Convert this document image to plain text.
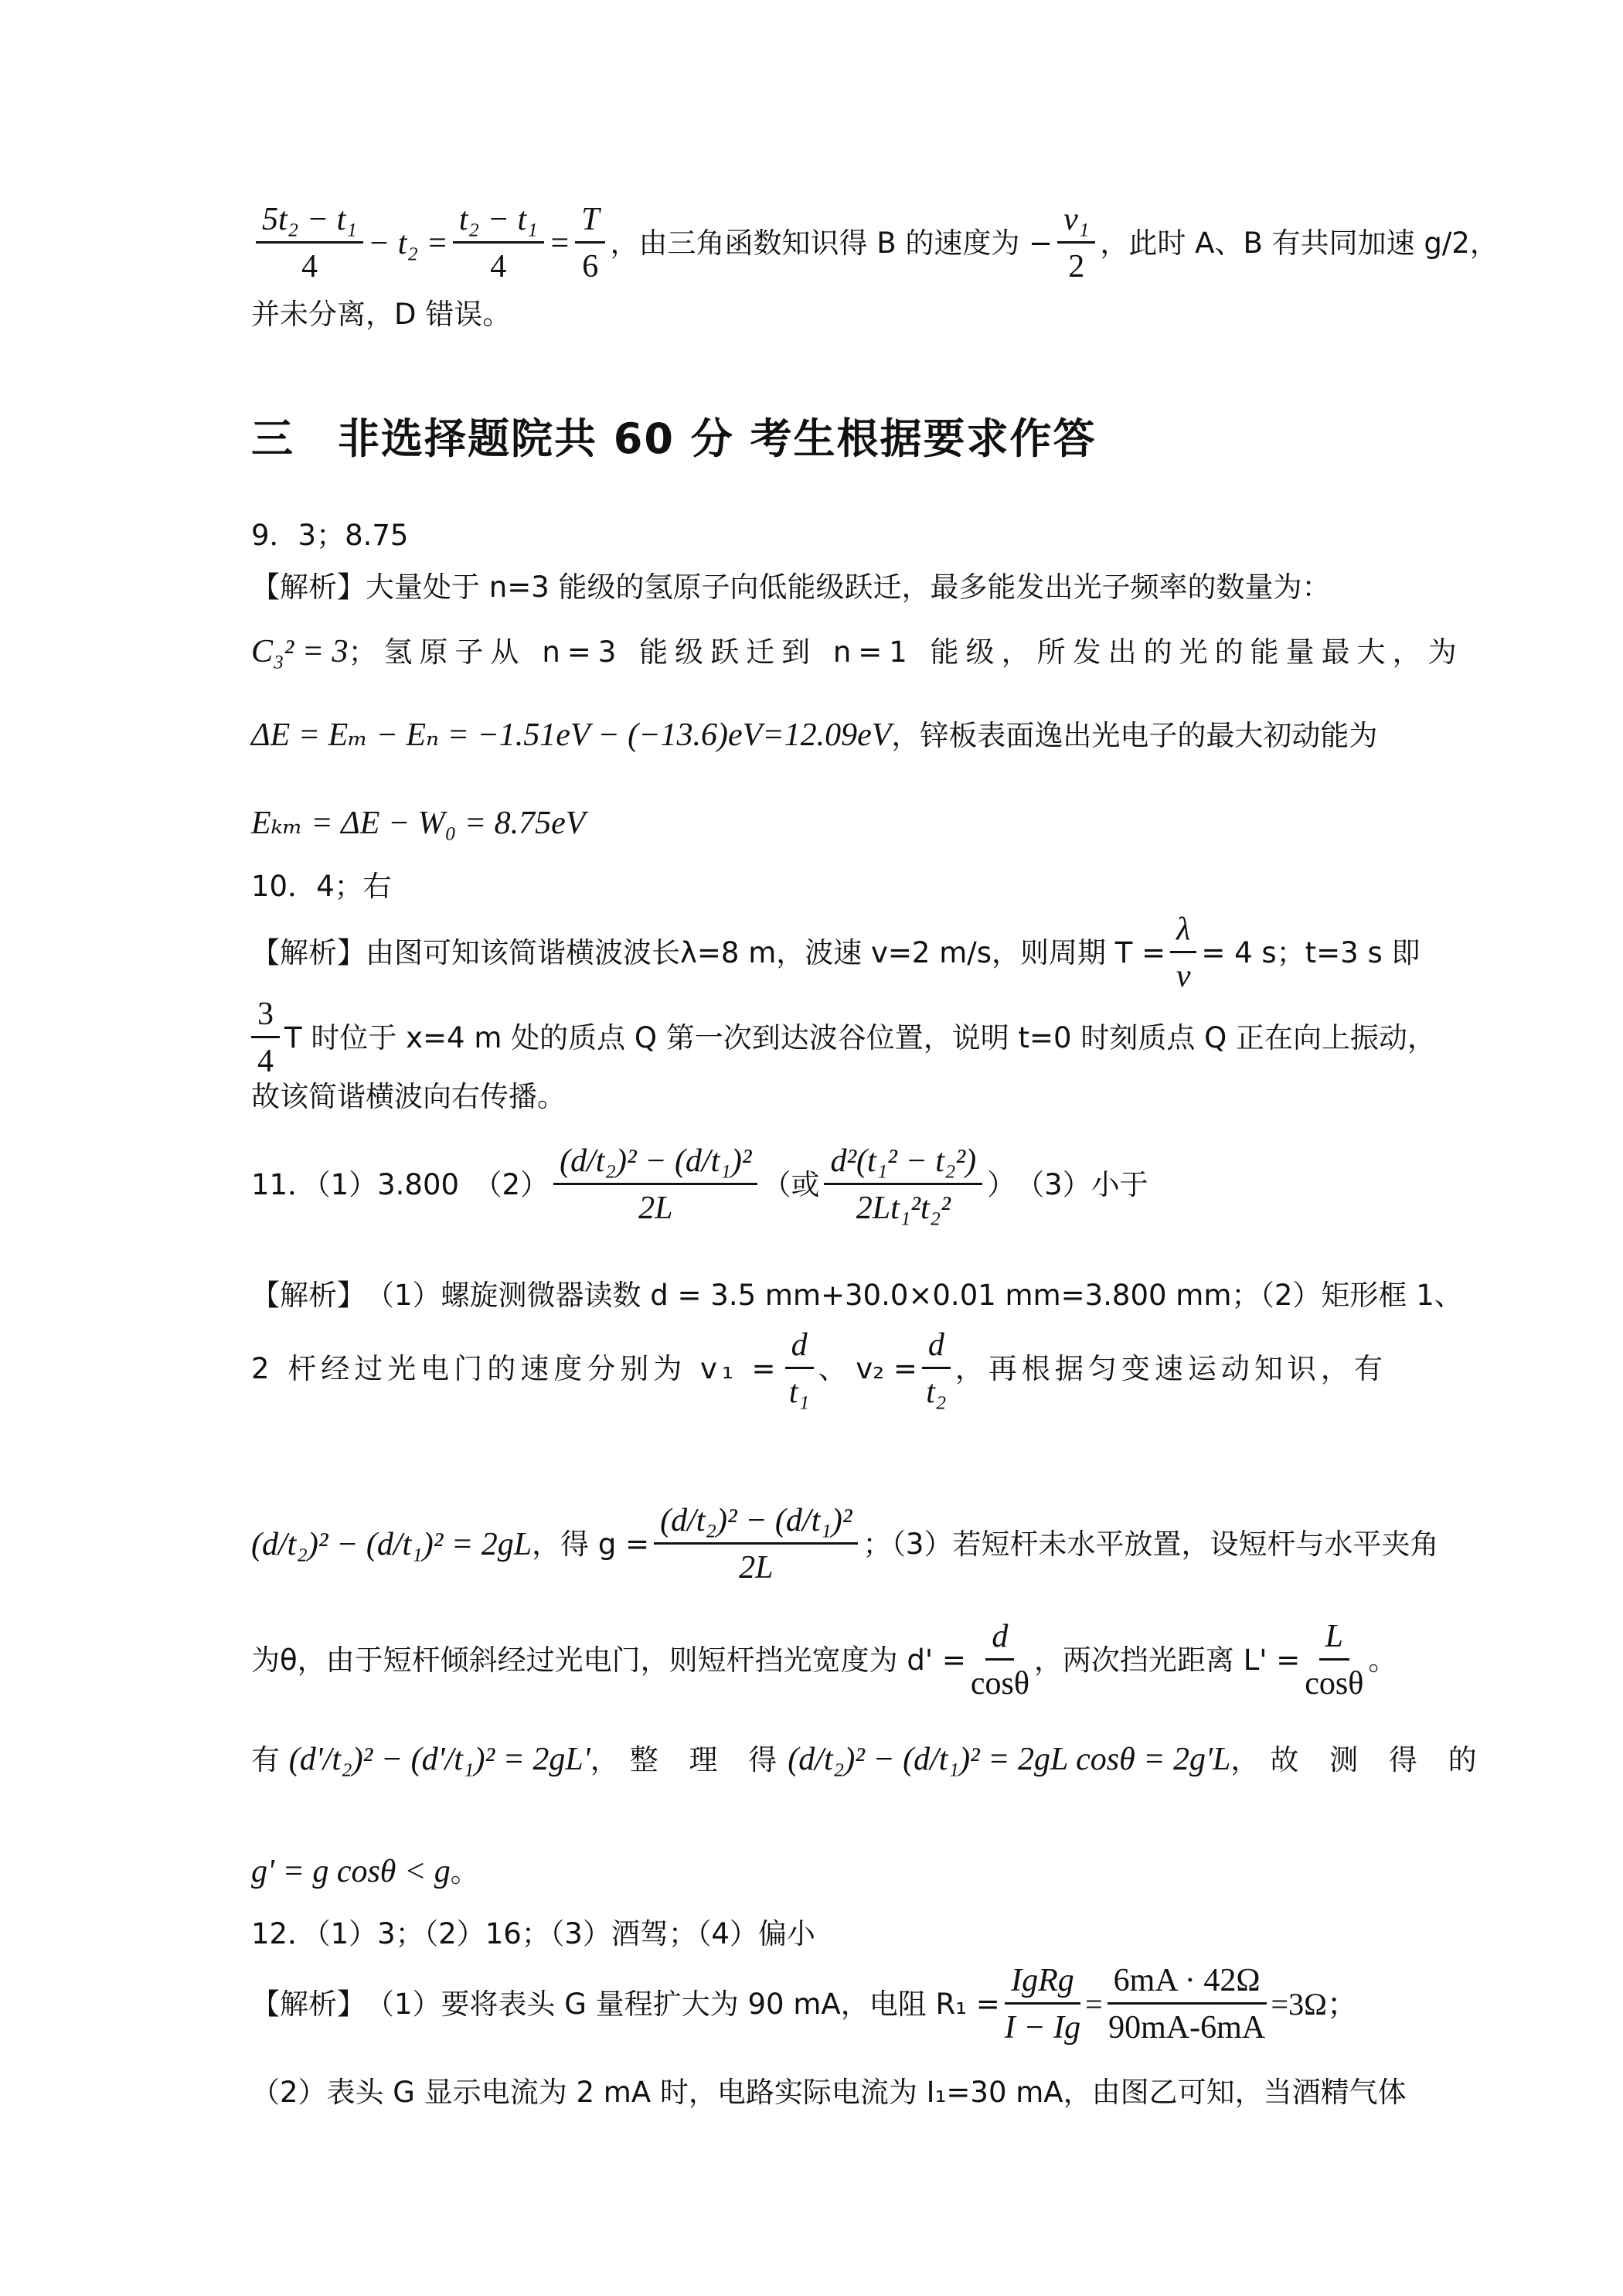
$\frac{\text{5t₂ − t₁}}{4} - t_2 = \frac{\text{t₂ − t₁}}{4} = \frac{T}{6}$ ，由三角函数知识得 B 的速度为 − $\frac{\text{v₁}}{2}$ ，此时 A、B 有共同加速 g/2，
并未分离，D 错误。
三　非选择题院共 60 分 考生根据要求作答
9．3；8.75
【解析】 大量处于 n=3 能级的氢原子向低能级跃迁，最多能发出光子频率的数量为：
C₃² = 3 ；氢原子从 n=3 能级跃迁到 n=1 能级，所发出的光的能量最大，为
ΔE = Eₘ − Eₙ = −1.51eV − (−13.6)eV=12.09eV ，锌板表面逸出光电子的最大初动能为
Eₖₘ = ΔE − W₀ = 8.75eV
10．4；右
【解析】 由图可知该简谐横波波长λ=8 m，波速 v=2 m/s，则周期 $T = \frac{\lambda}{v} = 4$ s；t=3 s 即
$\frac{3}{4}$ T 时位于 x=4 m 处的质点 Q 第一次到达波谷位置，说明 t=0 时刻质点 Q 正在向上振动，
故该简谐横波向右传播。
11．（1）3.800　$(2) \frac{\text{(d/t₂)² − (d/t₁)²}}{2L}$ （或 $\frac{\text{d²(t₁² − t₂²)}}{\text{2Lt₁²t₂²}}$ ）　（3）小于
【解析】 （1）螺旋测微器读数 d = 3.5 mm+30.0×0.01 mm=3.800 mm；（2）矩形框 1、
2 杆经过光电门的速度分别为 $v_1 = \frac{d}{\text{t₁}}$ 、 $v_2 = \frac{d}{\text{t₂}}$ ，再根据匀变速运动知识，有
(d/t₂)² − (d/t₁)² = 2gL ，得 $g = \frac{\text{(d/t₂)² − (d/t₁)²}}{2L}$ ；（3）若短杆未水平放置，设短杆与水平夹角
为θ，由于短杆倾斜经过光电门，则短杆挡光宽度为 $d' = \frac{d}{\cos\theta}$ ，两次挡光距离 $L' = \frac{L}{\cos\theta}$ 。
有
(d'/t₂)² − (d'/t₁)² = 2gL' ，整 理 得 (d/t₂)² − (d/t₁)² = 2gL cosθ = 2g'L ，故 测 得 的
g' = g cosθ < g 。
12．（1）3；（2）16；（3）酒驾；（4）偏小
【解析】 （1）要将表头 G 量程扩大为 90 mA，电阻 $R_1 = \frac{\text{IgRg}}{I - Ig} = \frac{6mA \cdot 42\Omega}{90mA-6mA} =3\Omega$；
（2）表头 G 显示电流为 2 mA 时，电路实际电流为 I₁=30 mA，由图乙可知，当酒精气体
